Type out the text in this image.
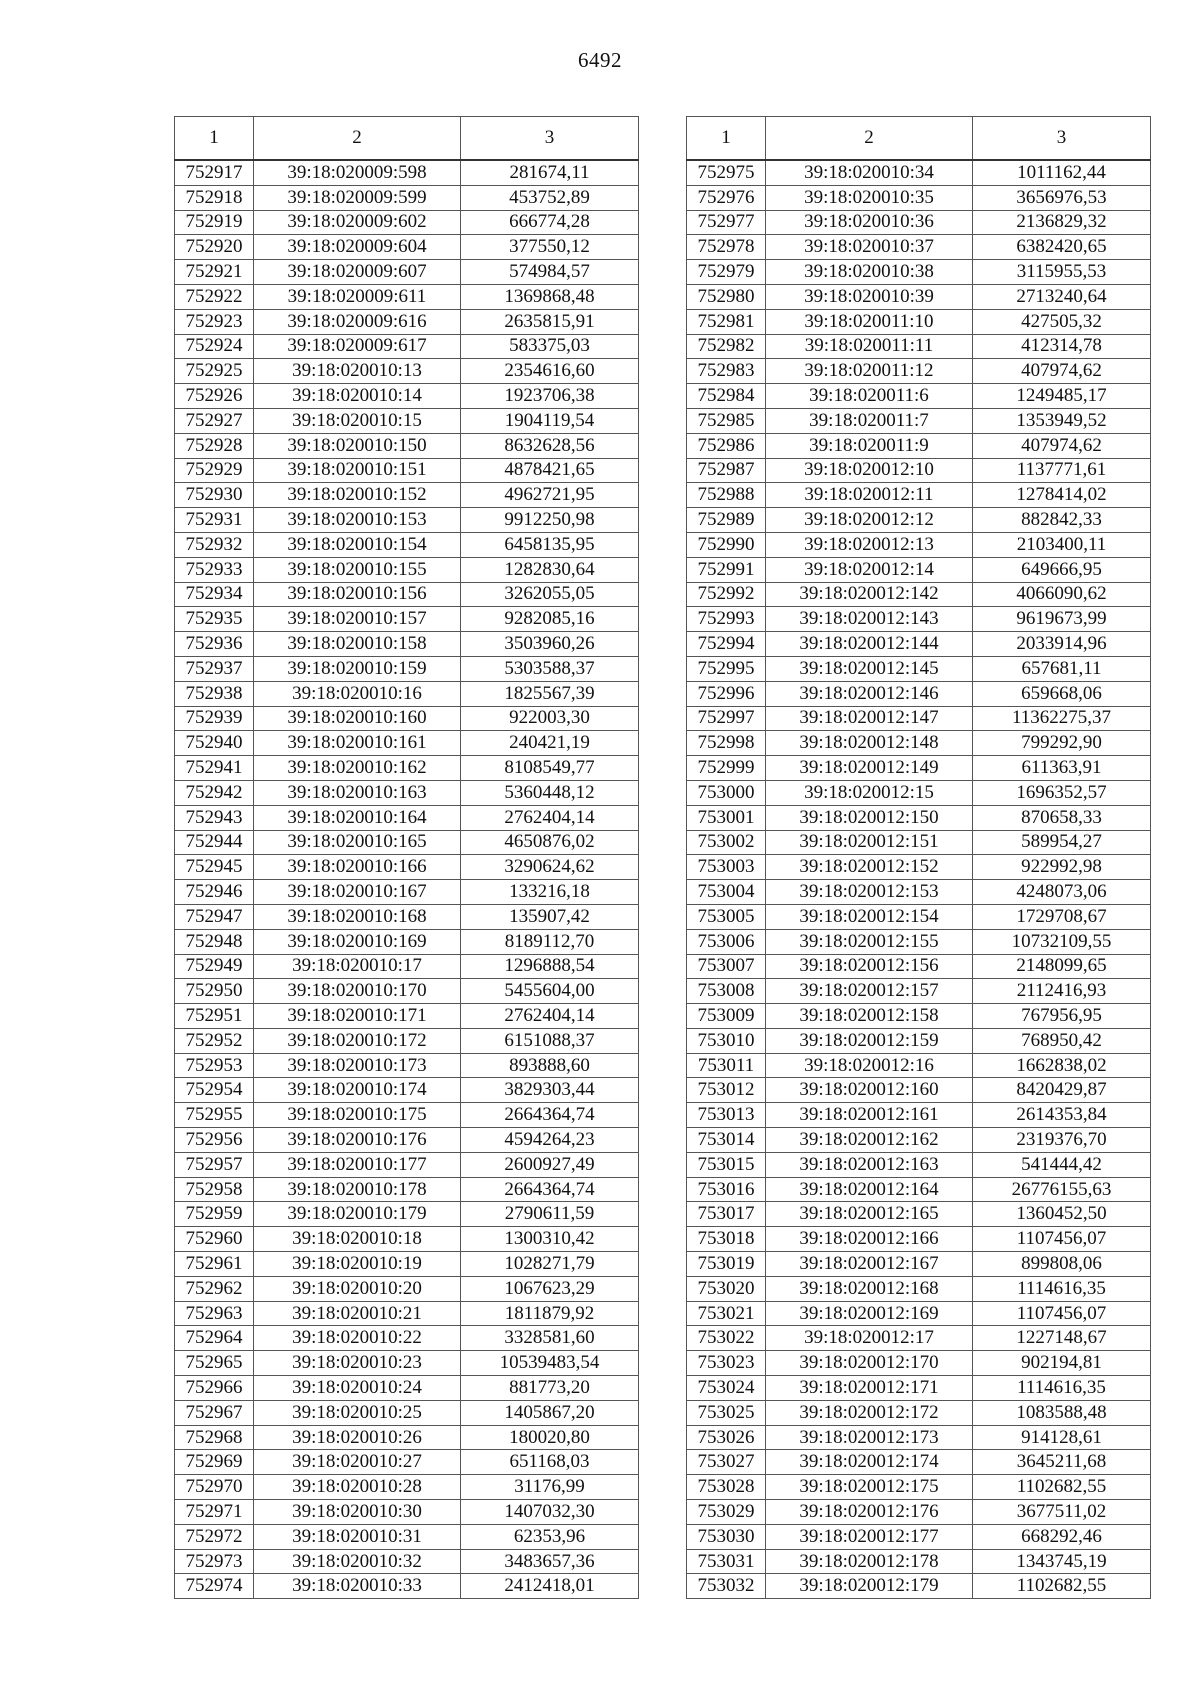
6492
1	2	3
752917	39:18:020009:598	281674,11
752918	39:18:020009:599	453752,89
752919	39:18:020009:602	666774,28
752920	39:18:020009:604	377550,12
752921	39:18:020009:607	574984,57
752922	39:18:020009:611	1369868,48
752923	39:18:020009:616	2635815,91
752924	39:18:020009:617	583375,03
752925	39:18:020010:13	2354616,60
752926	39:18:020010:14	1923706,38
752927	39:18:020010:15	1904119,54
752928	39:18:020010:150	8632628,56
752929	39:18:020010:151	4878421,65
752930	39:18:020010:152	4962721,95
752931	39:18:020010:153	9912250,98
752932	39:18:020010:154	6458135,95
752933	39:18:020010:155	1282830,64
752934	39:18:020010:156	3262055,05
752935	39:18:020010:157	9282085,16
752936	39:18:020010:158	3503960,26
752937	39:18:020010:159	5303588,37
752938	39:18:020010:16	1825567,39
752939	39:18:020010:160	922003,30
752940	39:18:020010:161	240421,19
752941	39:18:020010:162	8108549,77
752942	39:18:020010:163	5360448,12
752943	39:18:020010:164	2762404,14
752944	39:18:020010:165	4650876,02
752945	39:18:020010:166	3290624,62
752946	39:18:020010:167	133216,18
752947	39:18:020010:168	135907,42
752948	39:18:020010:169	8189112,70
752949	39:18:020010:17	1296888,54
752950	39:18:020010:170	5455604,00
752951	39:18:020010:171	2762404,14
752952	39:18:020010:172	6151088,37
752953	39:18:020010:173	893888,60
752954	39:18:020010:174	3829303,44
752955	39:18:020010:175	2664364,74
752956	39:18:020010:176	4594264,23
752957	39:18:020010:177	2600927,49
752958	39:18:020010:178	2664364,74
752959	39:18:020010:179	2790611,59
752960	39:18:020010:18	1300310,42
752961	39:18:020010:19	1028271,79
752962	39:18:020010:20	1067623,29
752963	39:18:020010:21	1811879,92
752964	39:18:020010:22	3328581,60
752965	39:18:020010:23	10539483,54
752966	39:18:020010:24	881773,20
752967	39:18:020010:25	1405867,20
752968	39:18:020010:26	180020,80
752969	39:18:020010:27	651168,03
752970	39:18:020010:28	31176,99
752971	39:18:020010:30	1407032,30
752972	39:18:020010:31	62353,96
752973	39:18:020010:32	3483657,36
752974	39:18:020010:33	2412418,01
1	2	3
752975	39:18:020010:34	1011162,44
752976	39:18:020010:35	3656976,53
752977	39:18:020010:36	2136829,32
752978	39:18:020010:37	6382420,65
752979	39:18:020010:38	3115955,53
752980	39:18:020010:39	2713240,64
752981	39:18:020011:10	427505,32
752982	39:18:020011:11	412314,78
752983	39:18:020011:12	407974,62
752984	39:18:020011:6	1249485,17
752985	39:18:020011:7	1353949,52
752986	39:18:020011:9	407974,62
752987	39:18:020012:10	1137771,61
752988	39:18:020012:11	1278414,02
752989	39:18:020012:12	882842,33
752990	39:18:020012:13	2103400,11
752991	39:18:020012:14	649666,95
752992	39:18:020012:142	4066090,62
752993	39:18:020012:143	9619673,99
752994	39:18:020012:144	2033914,96
752995	39:18:020012:145	657681,11
752996	39:18:020012:146	659668,06
752997	39:18:020012:147	11362275,37
752998	39:18:020012:148	799292,90
752999	39:18:020012:149	611363,91
753000	39:18:020012:15	1696352,57
753001	39:18:020012:150	870658,33
753002	39:18:020012:151	589954,27
753003	39:18:020012:152	922992,98
753004	39:18:020012:153	4248073,06
753005	39:18:020012:154	1729708,67
753006	39:18:020012:155	10732109,55
753007	39:18:020012:156	2148099,65
753008	39:18:020012:157	2112416,93
753009	39:18:020012:158	767956,95
753010	39:18:020012:159	768950,42
753011	39:18:020012:16	1662838,02
753012	39:18:020012:160	8420429,87
753013	39:18:020012:161	2614353,84
753014	39:18:020012:162	2319376,70
753015	39:18:020012:163	541444,42
753016	39:18:020012:164	26776155,63
753017	39:18:020012:165	1360452,50
753018	39:18:020012:166	1107456,07
753019	39:18:020012:167	899808,06
753020	39:18:020012:168	1114616,35
753021	39:18:020012:169	1107456,07
753022	39:18:020012:17	1227148,67
753023	39:18:020012:170	902194,81
753024	39:18:020012:171	1114616,35
753025	39:18:020012:172	1083588,48
753026	39:18:020012:173	914128,61
753027	39:18:020012:174	3645211,68
753028	39:18:020012:175	1102682,55
753029	39:18:020012:176	3677511,02
753030	39:18:020012:177	668292,46
753031	39:18:020012:178	1343745,19
753032	39:18:020012:179	1102682,55
